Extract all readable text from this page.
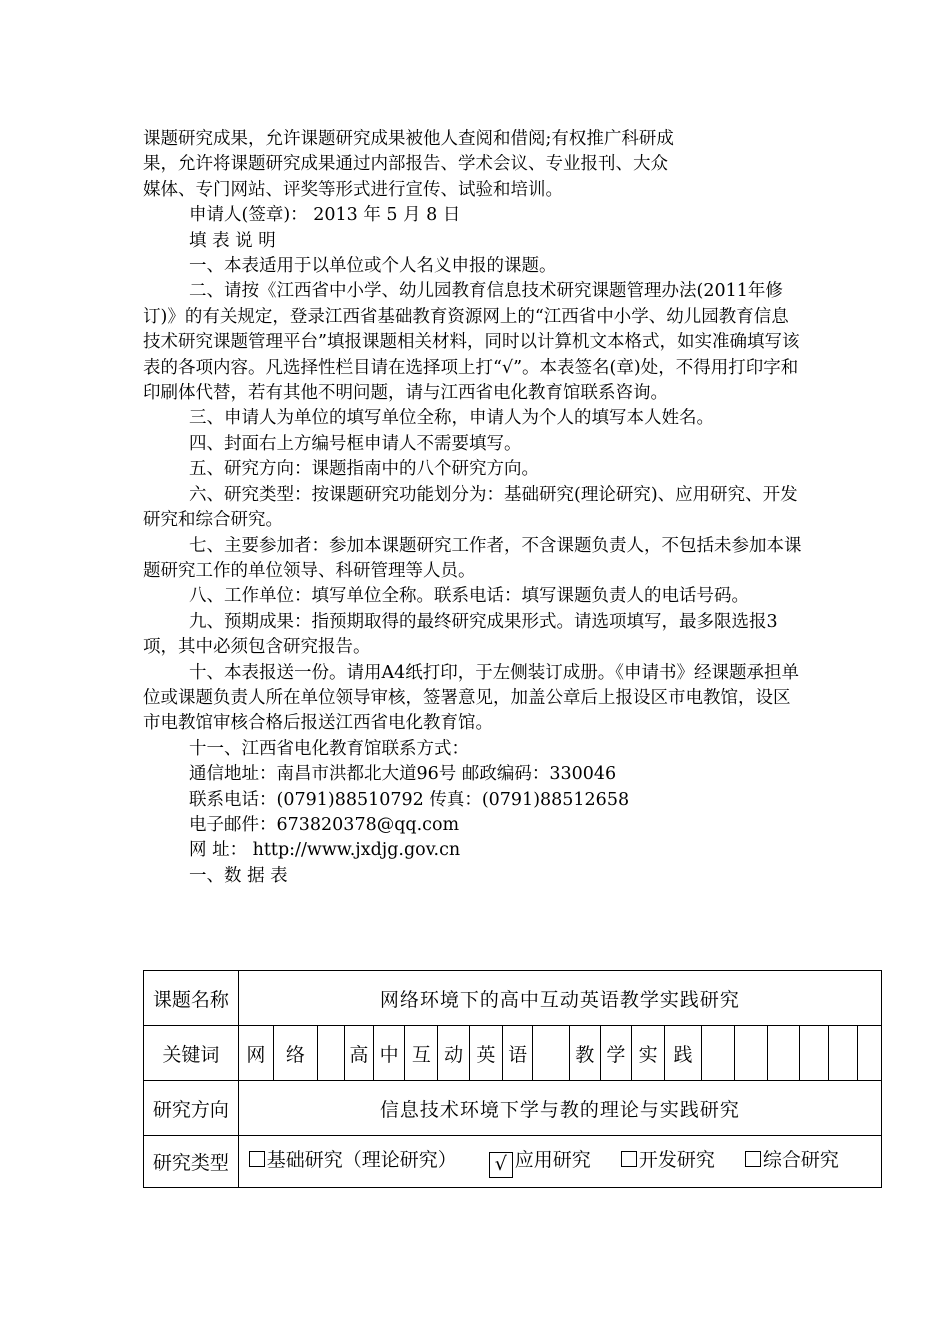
课题研究成果，允许课题研究成果被他人查阅和借阅;有权推广科研成

果，允许将课题研究成果通过内部报告、学术会议、专业报刊、大众

媒体、专门网站、评奖等形式进行宣传、试验和培训。

申请人(签章)： 2013 年 5 月 8 日

填 表 说 明

一、本表适用于以单位或个人名义申报的课题。

二、请按《江西省中小学、幼儿园教育信息技术研究课题管理办法(2011年修订)》的有关规定，登录江西省基础教育资源网上的“江西省中小学、幼儿园教育信息技术研究课题管理平台”填报课题相关材料，同时以计算机文本格式，如实准确填写该表的各项内容。凡选择性栏目请在选择项上打“√”。本表签名(章)处，不得用打印字和印刷体代替，若有其他不明问题，请与江西省电化教育馆联系咨询。

三、申请人为单位的填写单位全称，申请人为个人的填写本人姓名。

四、封面右上方编号框申请人不需要填写。

五、研究方向：课题指南中的八个研究方向。

六、研究类型：按课题研究功能划分为：基础研究(理论研究)、应用研究、开发研究和综合研究。

七、主要参加者：参加本课题研究工作者，不含课题负责人，不包括未参加本课题研究工作的单位领导、科研管理等人员。

八、工作单位：填写单位全称。联系电话：填写课题负责人的电话号码。

九、预期成果：指预期取得的最终研究成果形式。请选项填写，最多限选报3项，其中必须包含研究报告。

十、本表报送一份。请用A4纸打印，于左侧装订成册。《申请书》经课题承担单位或课题负责人所在单位领导审核，签署意见，加盖公章后上报设区市电教馆，设区市电教馆审核合格后报送江西省电化教育馆。

十一、江西省电化教育馆联系方式：

通信地址：南昌市洪都北大道96号 邮政编码：330046

联系电话：(0791)88510792 传真：(0791)88512658

电子邮件：673820378@qq.com

网 址： http://www.jxdjg.gov.cn

一、数 据 表

课题名称	网络环境下的高中互动英语教学实践研究																			
关键词	网	络		高	中	互	动	英	语		教	学	实	践						
研究方向	信息技术环境下学与教的理论与实践研究																			
研究类型	基础研究（理论研究） √ 应用研究 开发研究 综合研究																			
